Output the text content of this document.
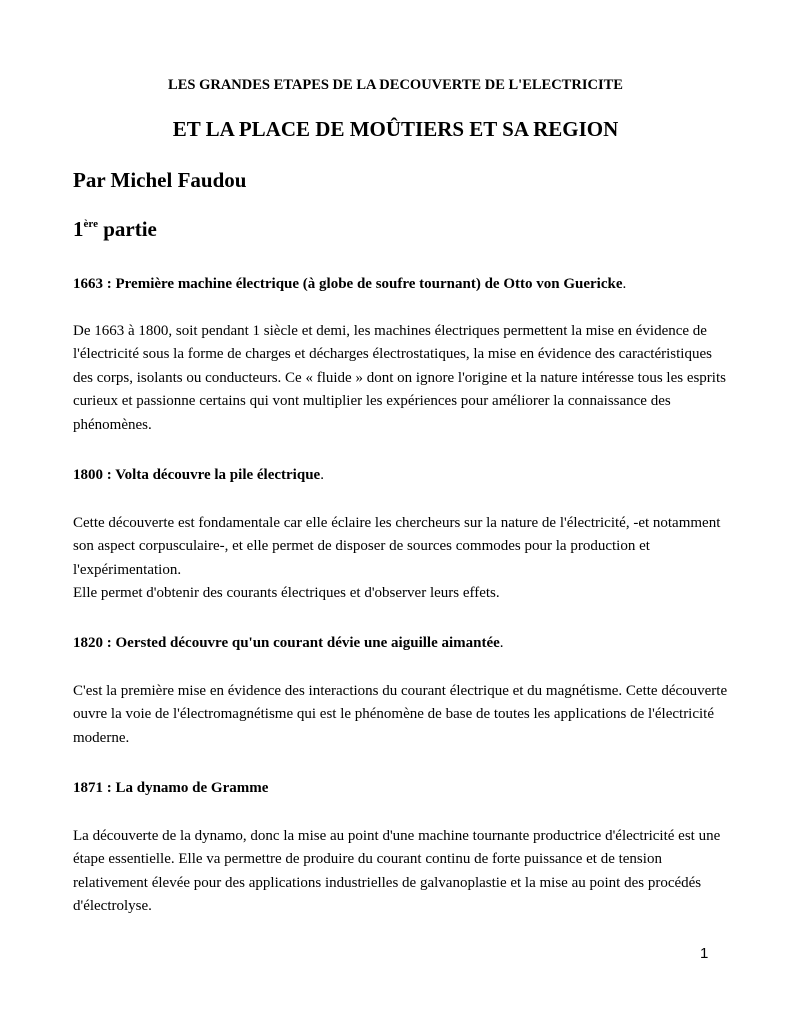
LES GRANDES ETAPES DE LA DECOUVERTE DE L'ELECTRICITE

ET LA PLACE DE MOÛTIERS ET SA REGION
Par Michel Faudou
1ère partie

1663 : Première machine électrique (à globe de soufre tournant) de Otto von Guericke.

De 1663 à 1800, soit pendant 1 siècle et demi, les machines électriques permettent la mise en évidence de l'électricité sous la forme de charges et décharges électrostatiques, la mise en évidence des caractéristiques des corps, isolants ou conducteurs. Ce « fluide » dont on ignore l'origine et la nature intéresse tous les esprits curieux et passionne certains qui vont multiplier les expériences pour améliorer la connaissance des phénomènes.

1800 : Volta découvre la pile électrique.

Cette découverte est fondamentale car elle éclaire les chercheurs sur la nature de l'électricité, -et notamment son aspect corpusculaire-, et elle permet de disposer de sources commodes pour la production et l'expérimentation.
Elle permet d'obtenir des courants électriques et d'observer leurs effets.

1820 : Oersted découvre qu'un courant dévie une aiguille aimantée.

C'est la première mise en évidence des interactions du courant électrique et du magnétisme. Cette découverte ouvre la voie de l'électromagnétisme qui est le phénomène de base de toutes les applications de l'électricité moderne.

1871 : La dynamo de Gramme

La découverte de la dynamo, donc la mise au point d'une machine tournante productrice d'électricité est une étape essentielle. Elle va permettre de produire du courant continu de forte puissance et de tension relativement élevée pour des applications industrielles de galvanoplastie et la mise au point des procédés d'électrolyse.

1
